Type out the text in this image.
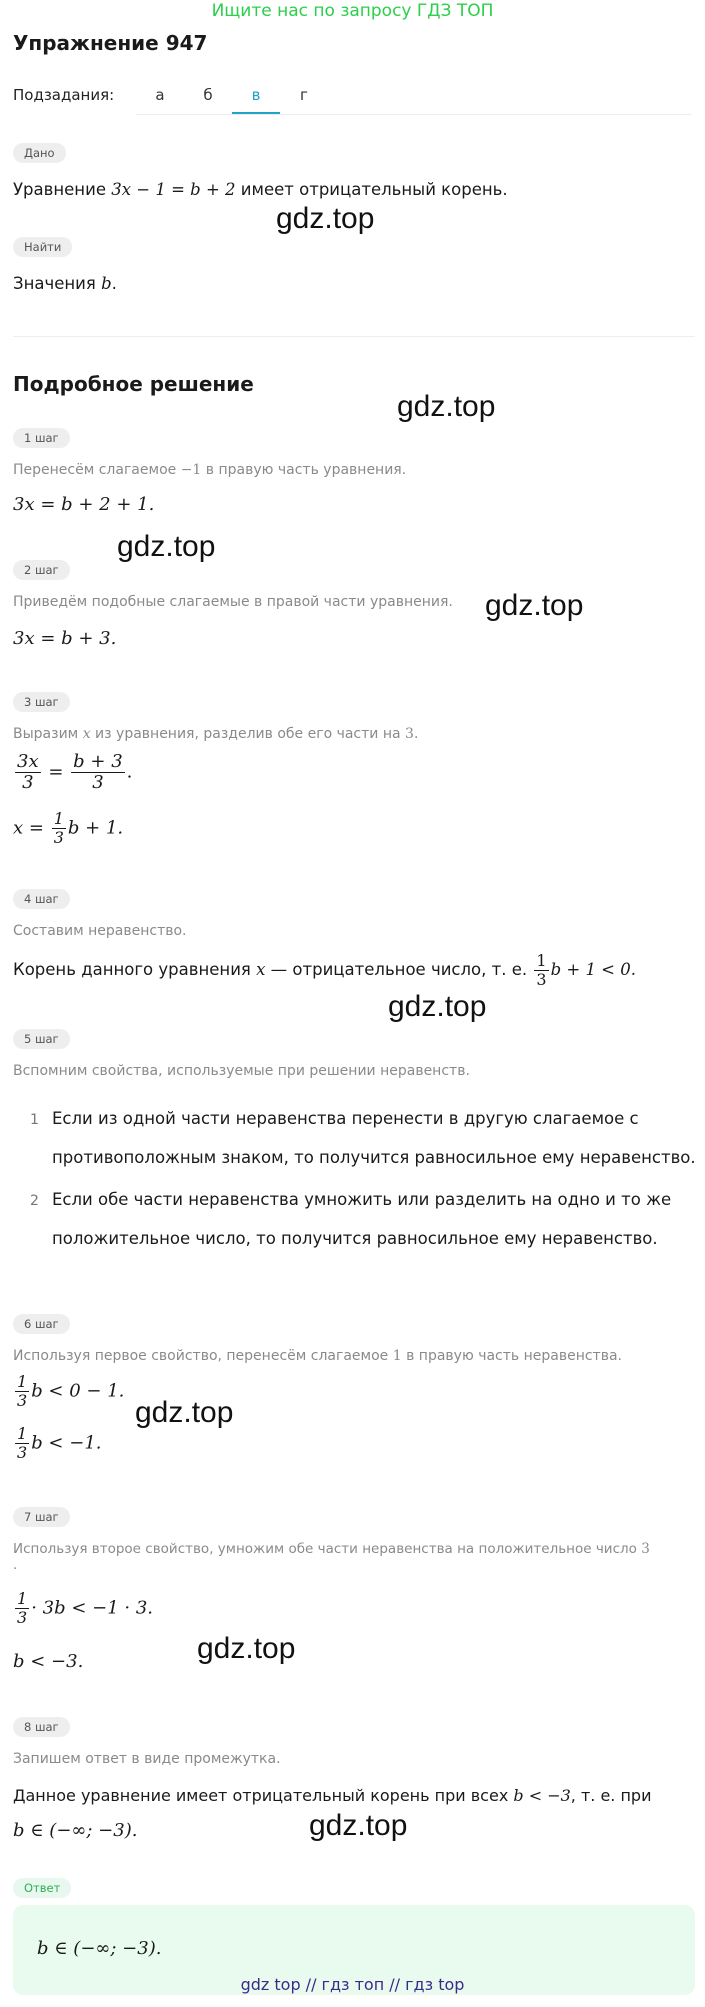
Ищите нас по запросу ГДЗ ТОП
Упражнение 947
Подзадания:	а	б	в	г
Дано
Уравнение 3x − 1 = b + 2 имеет отрицательный корень.
gdz.top
Найти
Значения b.
Подробное решение
gdz.top
1 шаг
Перенесём слагаемое −1 в правую часть уравнения.
3x = b + 2 + 1.
gdz.top
2 шаг
Приведём подобные слагаемые в правой части уравнения. gdz.top
3x = b + 3.
3 шаг
Выразим x из уравнения, разделив обе его части на 3.
$\frac{3x}{3} = \frac{b + 3}{3}$ .
$x = \frac{1}{3}$ b + 1.
4 шаг
Составим неравенство.
Корень данного уравнения x — отрицательное число, т. е. $\frac{1}{3}$ b + 1 < 0.
gdz.top
5 шаг
Вспомним свойства, используемые при решении неравенств.
1 Если из одной части неравенства перенести в другую слагаемое с
противоположным знаком, то получится равносильное ему неравенство.
2 Если обе части неравенства умножить или разделить на одно и то же
положительное число, то получится равносильное ему неравенство.
6 шаг
Используя первое свойство, перенесём слагаемое 1 в правую часть неравенства.
$\frac{1}{3}$ b < 0 − 1.
gdz.top
$\frac{1}{3}$ b < −1.
7 шаг
Используя второе свойство, умножим обе части неравенства на положительное число 3
.
$\frac{1}{3} \cdot 3b < -1 \cdot 3$.
gdz.top
b < −3.
8 шаг
Запишем ответ в виде промежутка.
Данное уравнение имеет отрицательный корень при всех b < −3, т. е. при
b ∈ (−∞; −3).	gdz.top
Ответ
b ∈ (−∞; −3).
gdz top // гдз топ // гдз top
